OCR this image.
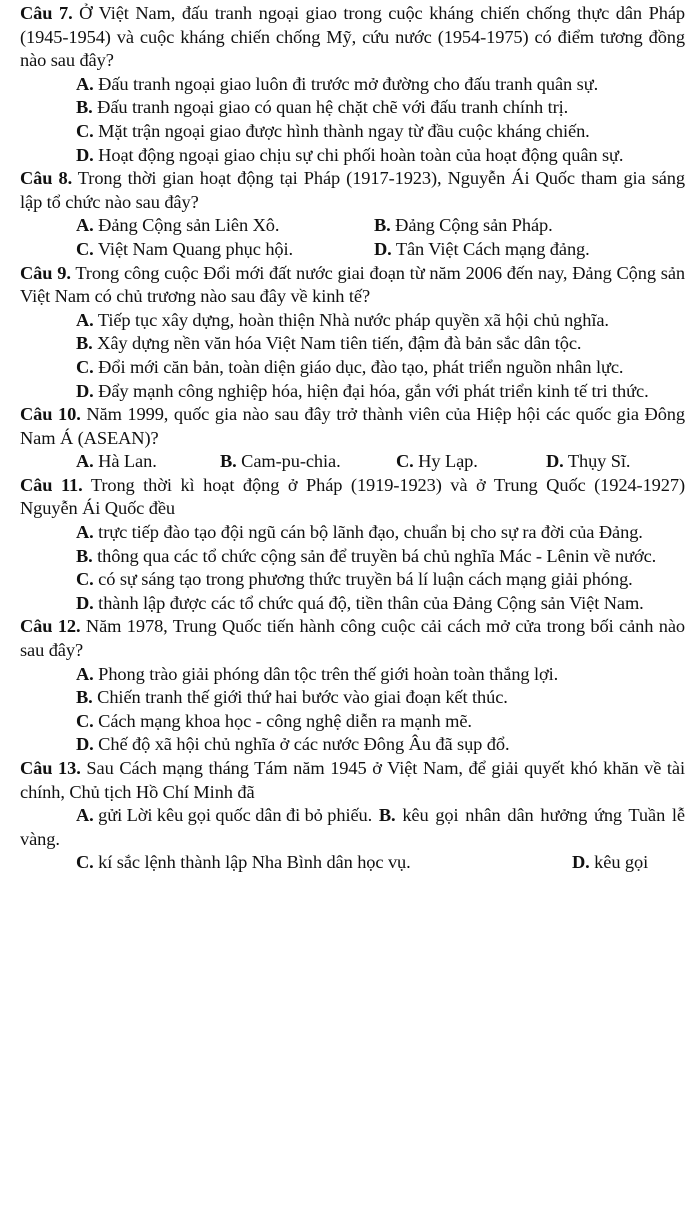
Câu 7. Ở Việt Nam, đấu tranh ngoại giao trong cuộc kháng chiến chống thực dân Pháp (1945-1954) và cuộc kháng chiến chống Mỹ, cứu nước (1954-1975) có điểm tương đồng nào sau đây?

A. Đấu tranh ngoại giao luôn đi trước mở đường cho đấu tranh quân sự.

B. Đấu tranh ngoại giao có quan hệ chặt chẽ với đấu tranh chính trị.

C. Mặt trận ngoại giao được hình thành ngay từ đầu cuộc kháng chiến.

D. Hoạt động ngoại giao chịu sự chi phối hoàn toàn của hoạt động quân sự.

Câu 8. Trong thời gian hoạt động tại Pháp (1917-1923), Nguyễn Ái Quốc tham gia sáng lập tổ chức nào sau đây?

A. Đảng Cộng sản Liên Xô.	B. Đảng Cộng sản Pháp.
C. Việt Nam Quang phục hội.	D. Tân Việt Cách mạng đảng.

Câu 9. Trong công cuộc Đổi mới đất nước giai đoạn từ năm 2006 đến nay, Đảng Cộng sản Việt Nam có chủ trương nào sau đây về kinh tế?

A. Tiếp tục xây dựng, hoàn thiện Nhà nước pháp quyền xã hội chủ nghĩa.

B. Xây dựng nền văn hóa Việt Nam tiên tiến, đậm đà bản sắc dân tộc.

C. Đổi mới căn bản, toàn diện giáo dục, đào tạo, phát triển nguồn nhân lực.

D. Đẩy mạnh công nghiệp hóa, hiện đại hóa, gắn với phát triển kinh tế tri thức.

Câu 10. Năm 1999, quốc gia nào sau đây trở thành viên của Hiệp hội các quốc gia Đông Nam Á (ASEAN)?

A. Hà Lan.	B. Cam-pu-chia.	C. Hy Lạp.	D. Thụy Sĩ.

Câu 11. Trong thời kì hoạt động ở Pháp (1919-1923) và ở Trung Quốc (1924-1927) Nguyễn Ái Quốc đều

A. trực tiếp đào tạo đội ngũ cán bộ lãnh đạo, chuẩn bị cho sự ra đời của Đảng.

B. thông qua các tổ chức cộng sản để truyền bá chủ nghĩa Mác - Lênin về nước.

C. có sự sáng tạo trong phương thức truyền bá lí luận cách mạng giải phóng.

D. thành lập được các tổ chức quá độ, tiền thân của Đảng Cộng sản Việt Nam.

Câu 12. Năm 1978, Trung Quốc tiến hành công cuộc cải cách mở cửa trong bối cảnh nào sau đây?

A. Phong trào giải phóng dân tộc trên thế giới hoàn toàn thắng lợi.

B. Chiến tranh thế giới thứ hai bước vào giai đoạn kết thúc.

C. Cách mạng khoa học - công nghệ diễn ra mạnh mẽ.

D. Chế độ xã hội chủ nghĩa ở các nước Đông Âu đã sụp đổ.

Câu 13. Sau Cách mạng tháng Tám năm 1945 ở Việt Nam, để giải quyết khó khăn về tài chính, Chủ tịch Hồ Chí Minh đã

A. gửi Lời kêu gọi quốc dân đi bỏ phiếu. B. kêu gọi nhân dân hưởng ứng Tuần lễ vàng.

C. kí sắc lệnh thành lập Nha Bình dân học vụ.	D. kêu gọi
